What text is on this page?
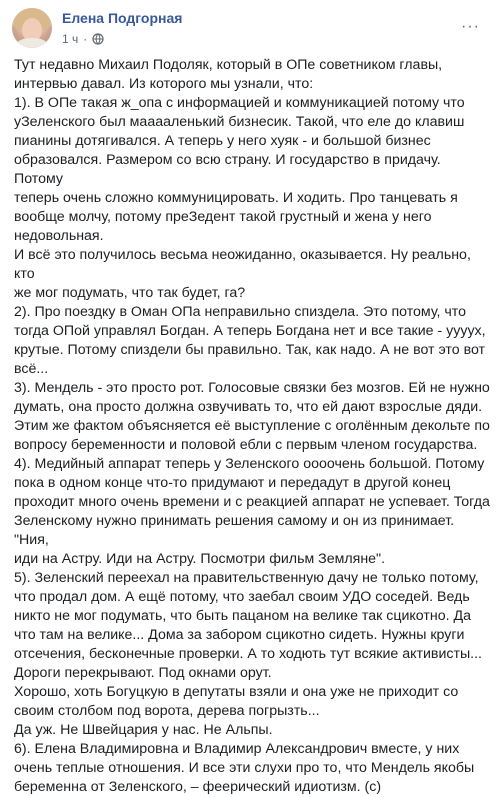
Елена Подгорная
1 ч ·
···

Тут недавно Михаил Подоляк, который в ОПе советником главы,
интервью давал. Из которого мы узнали, что:
1). В ОПе такая ж_опа с информацией и коммуникацией потому что
уЗеленского был мааааленький бизнесик. Такой, что еле до клавиш
пианины дотягивался. А теперь у него хуяк - и большой бизнес
образовался. Размером со всю страну. И государство в придачу. Потому
теперь очень сложно коммуницировать. И ходить. Про танцевать я
вообще молчу, потому преЗедент такой грустный и жена у него
недовольная.
И всё это получилось весьма неожиданно, оказывается. Ну реально, кто
же мог подумать, что так будет, га?
2). Про поездку в Оман ОПа неправильно спиздела. Это потому, что
тогда ОПой управлял Богдан. А теперь Богдана нет и все такие - уууух,
крутые. Потому спиздели бы правильно. Так, как надо. А не вот это вот
всё...
3). Мендель - это просто рот. Голосовые связки без мозгов. Ей не нужно
думать, она просто должна озвучивать то, что ей дают взрослые дяди.
Этим же фактом объясняется её выступление с оголённым декольте по
вопросу беременности и половой ебли с первым членом государства.
4). Медийный аппарат теперь у Зеленского оооочень большой. Потому
пока в одном конце что-то придумают и передадут в другой конец
проходит много очень времени и с реакцией аппарат не успевает. Тогда
Зеленскому нужно принимать решения самому и он из принимает. "Ния,
иди на Астру. Иди на Астру. Посмотри фильм Земляне".
5). Зеленский переехал на правительственную дачу не только потому,
что продал дом. А ещё потому, что заебал своим УДО соседей. Ведь
никто не мог подумать, что быть пацаном на велике так сцикотно. Да
что там на велике... Дома за забором сцикотно сидеть. Нужны круги
отсечения, бесконечные проверки. А то ходють тут всякие активисты...
Дороги перекрывают. Под окнами орут.
Хорошо, хоть Богуцкую в депутаты взяли и она уже не приходит со
своим столбом под ворота, дерева погрызть...
Да уж. Не Швейцария у нас. Не Альпы.
6). Елена Владимировна и Владимир Александрович вместе, у них
очень теплые отношения. И все эти слухи про то, что Мендель якобы
беременна от Зеленского, – феерический идиотизм. (с)
